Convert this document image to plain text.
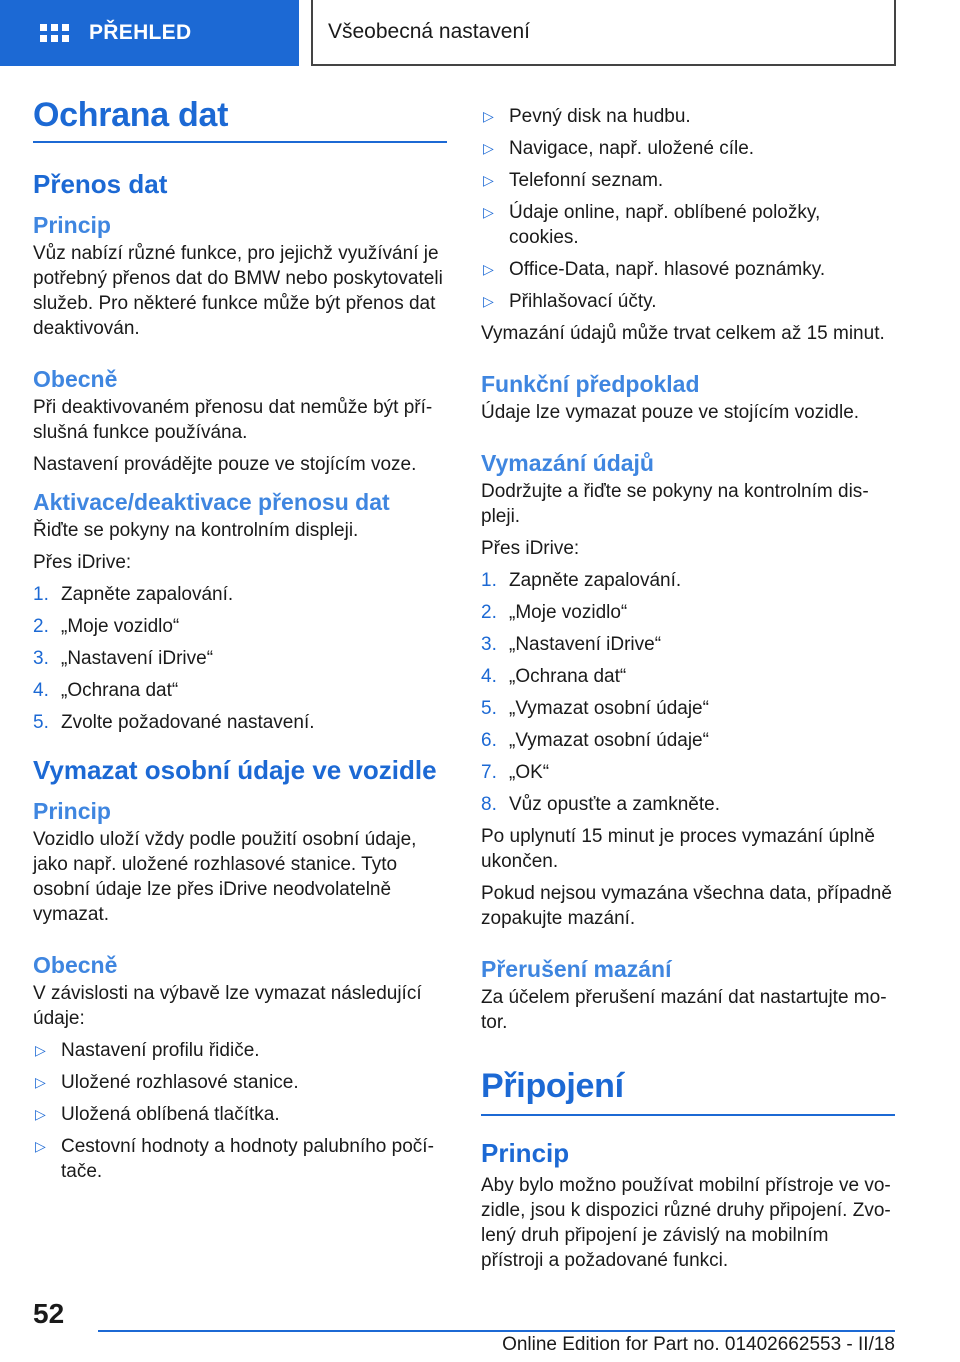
PŘEHLED	Všeobecná nastavení
Ochrana dat
Přenos dat
Princip

Vůz nabízí různé funkce, pro jejichž využívání je potřebný přenos dat do BMW nebo poskytovateli služeb. Pro některé funkce může být přenos dat deaktivován.

Obecně

Při deaktivovaném přenosu dat nemůže být příslušná funkce používána.

Nastavení provádějte pouze ve stojícím voze.

Aktivace/deaktivace přenosu dat

Řiďte se pokyny na kontrolním displeji.

Přes iDrive:

1. Zapněte zapalování.
2. „Moje vozidlo“
3. „Nastavení iDrive“
4. „Ochrana dat“
5. Zvolte požadované nastavení.
Vymazat osobní údaje ve vozidle
Princip

Vozidlo uloží vždy podle použití osobní údaje, jako např. uložené rozhlasové stanice. Tyto osobní údaje lze přes iDrive neodvolatelně vymazat.

Obecně

V závislosti na výbavě lze vymazat následující údaje:

▷ Nastavení profilu řidiče.
▷ Uložené rozhlasové stanice.
▷ Uložená oblíbená tlačítka.
▷ Cestovní hodnoty a hodnoty palubního počítače.
▷ Pevný disk na hudbu.
▷ Navigace, např. uložené cíle.
▷ Telefonní seznam.
▷ Údaje online, např. oblíbené položky, cookies.
▷ Office-Data, např. hlasové poznámky.
▷ Přihlašovací účty.

Vymazání údajů může trvat celkem až 15 minut.

Funkční předpoklad

Údaje lze vymazat pouze ve stojícím vozidle.

Vymazání údajů

Dodržujte a řiďte se pokyny na kontrolním displeji.

Přes iDrive:

1. Zapněte zapalování.
2. „Moje vozidlo“
3. „Nastavení iDrive“
4. „Ochrana dat“
5. „Vymazat osobní údaje“
6. „Vymazat osobní údaje“
7. „OK“
8. Vůz opusťte a zamkněte.

Po uplynutí 15 minut je proces vymazání úplně ukončen.

Pokud nejsou vymazána všechna data, případně zopakujte mazání.

Přerušení mazání

Za účelem přerušení mazání dat nastartujte motor.

Připojení
Princip

Aby bylo možno používat mobilní přístroje ve vozidle, jsou k dispozici různé druhy připojení. Zvolený druh připojení je závislý na mobilním přístroji a požadované funkci.

52
Online Edition for Part no. 01402662553 - II/18
